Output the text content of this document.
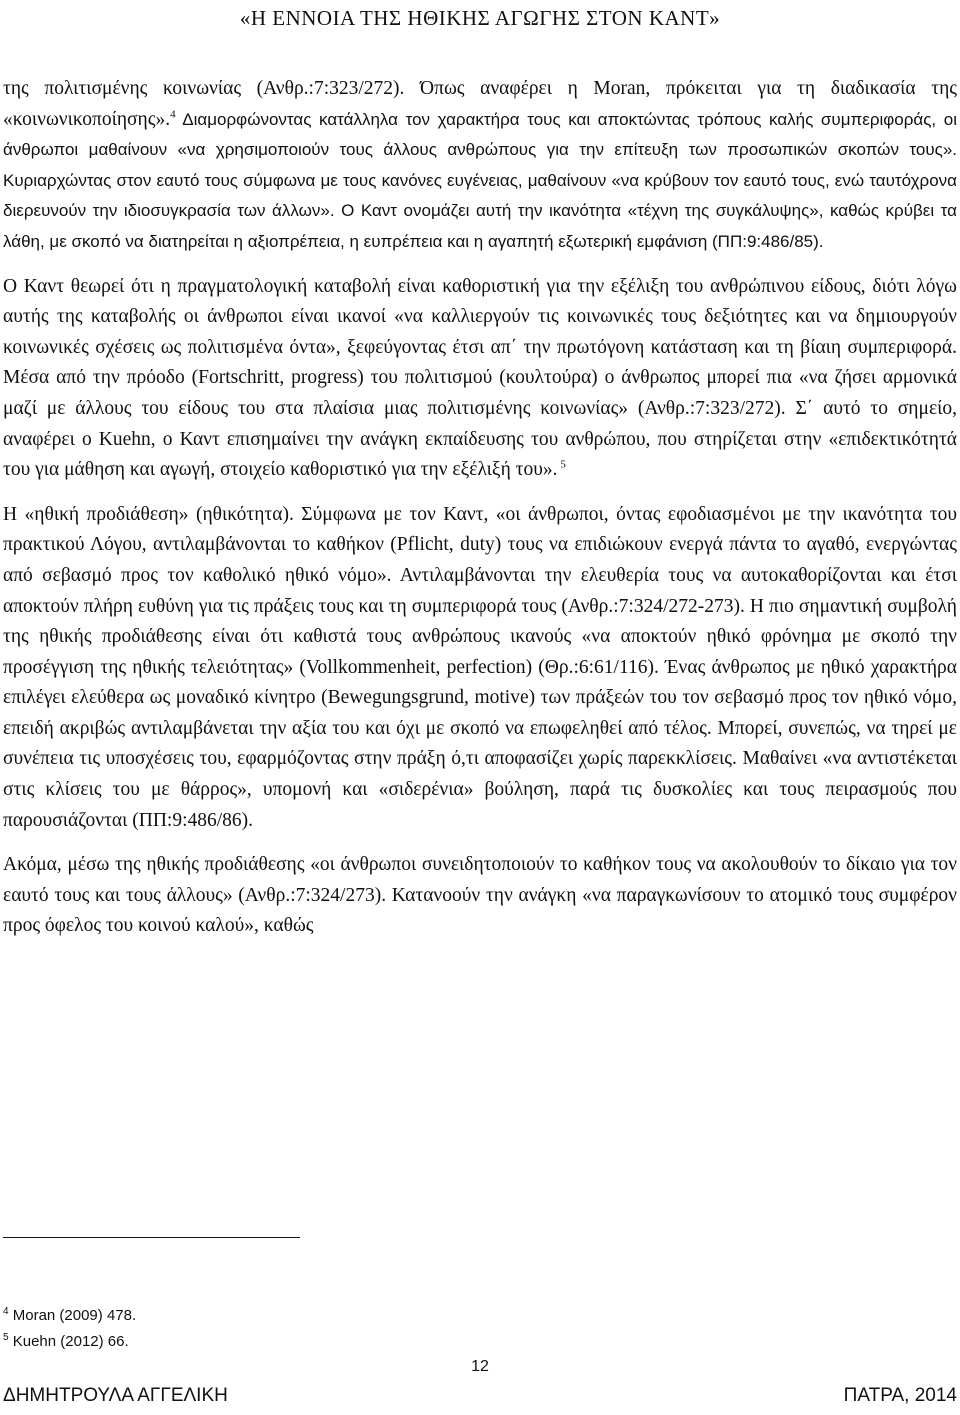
«Η ΕΝΝΟΙΑ ΤΗΣ ΗΘΙΚΗΣ ΑΓΩΓΗΣ ΣΤΟΝ ΚΑΝΤ»

της πολιτισμένης κοινωνίας (Ανθρ.:7:323/272). Όπως αναφέρει η Moran, πρόκειται για τη διαδικασία της «κοινωνικοποίησης».$^4$ Διαμορφώνοντας κατάλληλα τον χαρακτήρα τους και αποκτώντας τρόπους καλής συμπεριφοράς, οι άνθρωποι μαθαίνουν «να χρησιμοποιούν τους άλλους ανθρώπους για την επίτευξη των προσωπικών σκοπών τους». Κυριαρχώντας στον εαυτό τους σύμφωνα με τους κανόνες ευγένειας, μαθαίνουν «να κρύβουν τον εαυτό τους, ενώ ταυτόχρονα διερευνούν την ιδιοσυγκρασία των άλλων». Ο Καντ ονομάζει αυτή την ικανότητα «τέχνη της συγκάλυψης», καθώς κρύβει τα λάθη, με σκοπό να διατηρείται η αξιοπρέπεια, η ευπρέπεια και η αγαπητή εξωτερική εμφάνιση (ΠΠ:9:486/85).

Ο Καντ θεωρεί ότι η πραγματολογική καταβολή είναι καθοριστική για την εξέλιξη του ανθρώπινου είδους, διότι λόγω αυτής της καταβολής οι άνθρωποι είναι ικανοί «να καλλιεργούν τις κοινωνικές τους δεξιότητες και να δημιουργούν κοινωνικές σχέσεις ως πολιτισμένα όντα», ξεφεύγοντας έτσι απ΄ την πρωτόγονη κατάσταση και τη βίαιη συμπεριφορά. Μέσα από την πρόοδο (Fortschritt, progress) του πολιτισμού (κουλτούρα) ο άνθρωπος μπορεί πια «να ζήσει αρμονικά μαζί με άλλους του είδους του στα πλαίσια μιας πολιτισμένης κοινωνίας» (Ανθρ.:7:323/272). Σ΄ αυτό το σημείο, αναφέρει ο Kuehn, ο Καντ επισημαίνει την ανάγκη εκπαίδευσης του ανθρώπου, που στηρίζεται στην «επιδεκτικότητά του για μάθηση και αγωγή, στοιχείο καθοριστικό για την εξέλιξή του». $^5$

Η «ηθική προδιάθεση» (ηθικότητα). Σύμφωνα με τον Καντ, «οι άνθρωποι, όντας εφοδιασμένοι με την ικανότητα του πρακτικού Λόγου, αντιλαμβάνονται το καθήκον (Pflicht, duty) τους να επιδιώκουν ενεργά πάντα το αγαθό, ενεργώντας από σεβασμό προς τον καθολικό ηθικό νόμο». Αντιλαμβάνονται την ελευθερία τους να αυτοκαθορίζονται και έτσι αποκτούν πλήρη ευθύνη για τις πράξεις τους και τη συμπεριφορά τους (Ανθρ.:7:324/272-273). Η πιο σημαντική συμβολή της ηθικής προδιάθεσης είναι ότι καθιστά τους ανθρώπους ικανούς «να αποκτούν ηθικό φρόνημα με σκοπό την προσέγγιση της ηθικής τελειότητας» (Vollkommenheit, perfection) (Θρ.:6:61/116). Ένας άνθρωπος με ηθικό χαρακτήρα επιλέγει ελεύθερα ως μοναδικό κίνητρο (Bewegungsgrund, motive) των πράξεών του τον σεβασμό προς τον ηθικό νόμο, επειδή ακριβώς αντιλαμβάνεται την αξία του και όχι με σκοπό να επωφεληθεί από τέλος. Μπορεί, συνεπώς, να τηρεί με συνέπεια τις υποσχέσεις του, εφαρμόζοντας στην πράξη ό,τι αποφασίζει χωρίς παρεκκλίσεις. Μαθαίνει «να αντιστέκεται στις κλίσεις του με θάρρος», υπομονή και «σιδερένια» βούληση, παρά τις δυσκολίες και τους πειρασμούς που παρουσιάζονται (ΠΠ:9:486/86).

Ακόμα, μέσω της ηθικής προδιάθεσης «οι άνθρωποι συνειδητοποιούν το καθήκον τους να ακολουθούν το δίκαιο για τον εαυτό τους και τους άλλους» (Ανθρ.:7:324/273). Κατανοούν την ανάγκη «να παραγκωνίσουν το ατομικό τους συμφέρον προς όφελος του κοινού καλού», καθώς

$^4$ Moran (2009) 478.
$^5$ Kuehn (2012) 66.
12
ΔΗΜΗΤΡΟΥΛΑ ΑΓΓΕΛΙΚΗ	ΠΑΤΡΑ, 2014
